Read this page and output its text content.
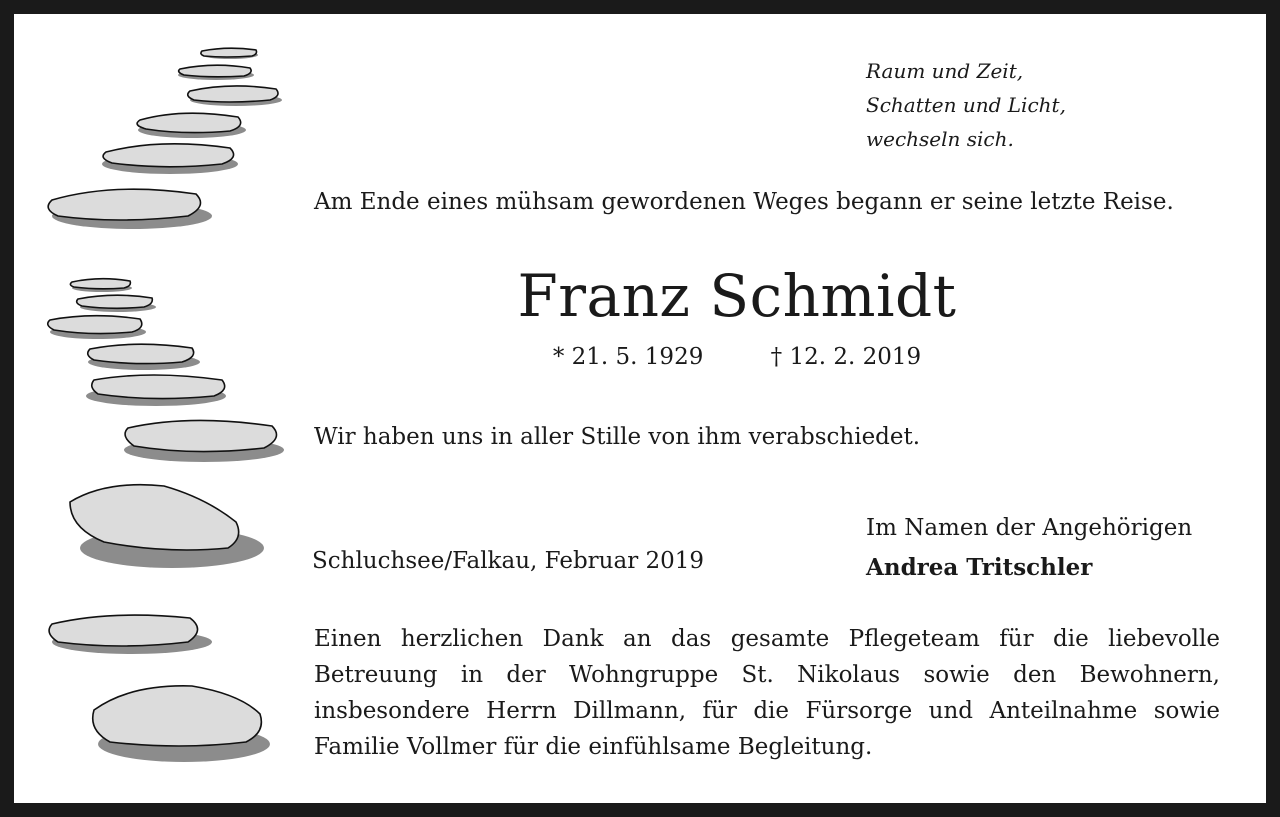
Raum und Zeit,
Schatten und Licht,
wechseln sich.
Am Ende eines mühsam gewordenen Weges begann er seine letzte Reise.
Franz Schmidt
* 21. 5. 1929	† 12. 2. 2019
Wir haben uns in aller Stille von ihm verabschiedet.
Im Namen der Angehörigen
Andrea Tritschler
Schluchsee/Falkau, Februar 2019
Einen herzlichen Dank an das gesamte Pflegeteam für die liebevolle Betreuung in der Wohngruppe St. Nikolaus sowie den Bewohnern, insbesondere Herrn Dillmann, für die Fürsorge und Anteilnahme sowie Familie Vollmer für die einfühlsame Begleitung.
